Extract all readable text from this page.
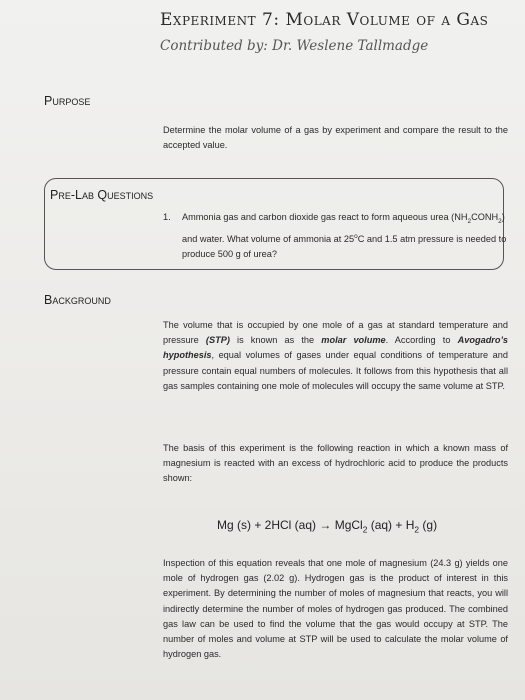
Experiment 7: Molar Volume of a Gas
Contributed by: Dr. Weslene Tallmadge
Purpose
Determine the molar volume of a gas by experiment and compare the result to the accepted value.
Pre-Lab Questions
1. Ammonia gas and carbon dioxide gas react to form aqueous urea $(NH_2CONH_2)$ and water. What volume of ammonia at 25$^o$C and 1.5 atm pressure is needed to produce 500 g of urea?
Background
The volume that is occupied by one mole of a gas at standard temperature and pressure (STP) is known as the molar volume. According to Avogadro’s hypothesis, equal volumes of gases under equal conditions of temperature and pressure contain equal numbers of molecules. It follows from this hypothesis that all gas samples containing one mole of molecules will occupy the same volume at STP.
The basis of this experiment is the following reaction in which a known mass of magnesium is reacted with an excess of hydrochloric acid to produce the products shown:
Mg (s) + 2HCl (aq) → MgCl$_2$ $(aq) + H_2$ (g)
Inspection of this equation reveals that one mole of magnesium (24.3 g) yields one mole of hydrogen gas (2.02 g). Hydrogen gas is the product of interest in this experiment. By determining the number of moles of magnesium that reacts, you will indirectly determine the number of moles of hydrogen gas produced. The combined gas law can be used to find the volume that the gas would occupy at STP. The number of moles and volume at STP will be used to calculate the molar volume of hydrogen gas.
